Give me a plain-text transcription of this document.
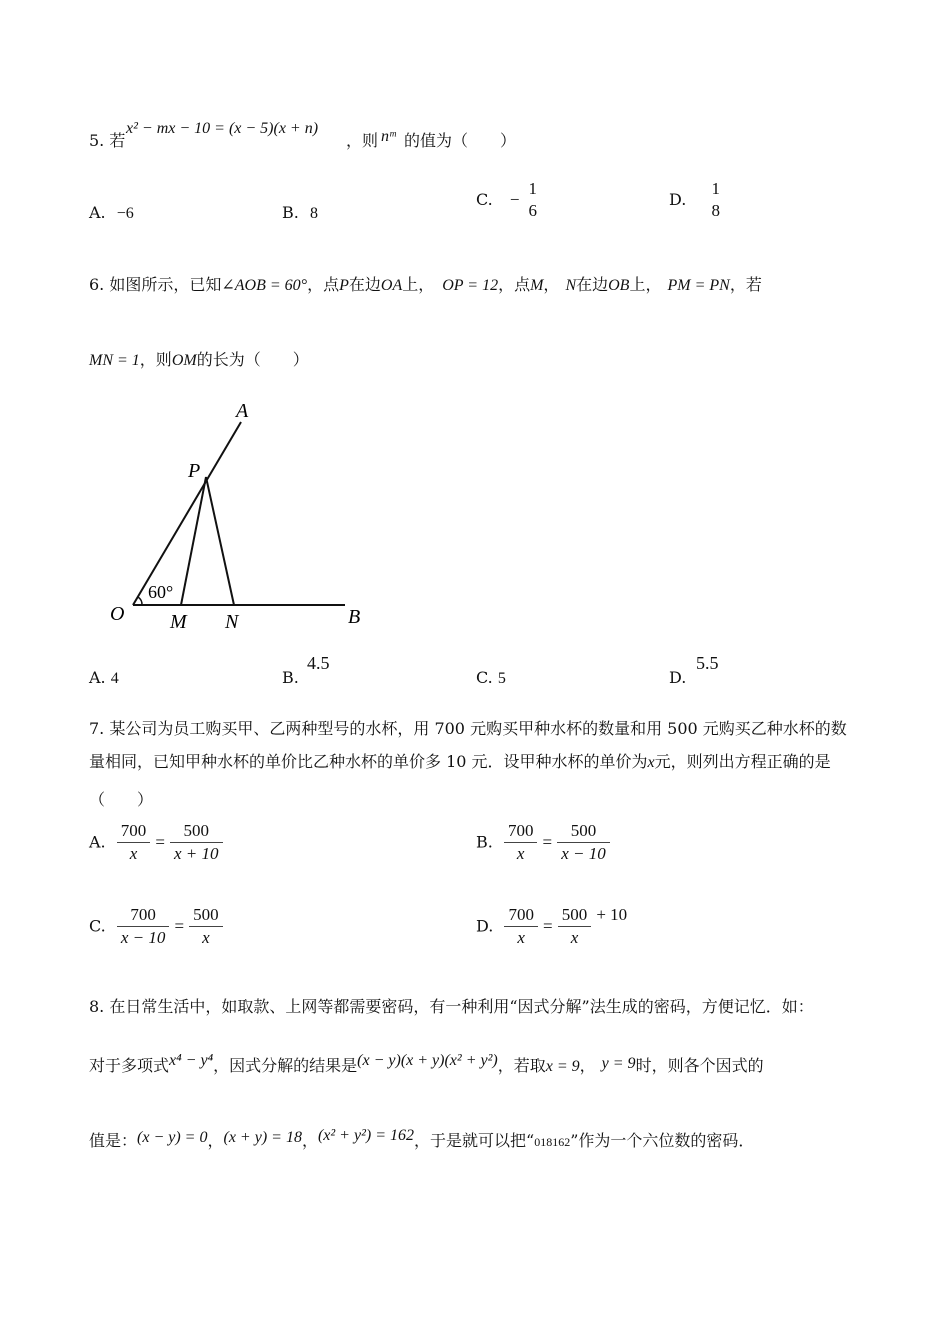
5. 若
x² − mx − 10 = (x − 5)(x + n)
，则 nᵐ 的值为（　　）
A. −6	B. 8
C. −
1
6
D.
1
8
6. 如图所示，已知∠AOB = 60°，点P在边OA上， OP = 12，点M， N在边OB上， PM = PN，若
MN = 1，则OM的长为（　　）
A
P
O M N	B
60°
A. 4	B.
4.5
C. 5	D.
5.5
7. 某公司为员工购买甲、乙两种型号的水杯，用 700 元购买甲种水杯的数量和用 500 元购买乙种水杯的数
量相同，已知甲种水杯的单价比乙种水杯的单价多 10 元．设甲种水杯的单价为x元，则列出方程正确的是
（　　）
A. $\frac{700}{x} = \frac{500}{x + 10}$	B. $\frac{700}{x} = \frac{500}{x - 10}$
C. $\frac{700}{x - 10} = \frac{500}{x}$	D. $\frac{700}{x} = \frac{500}{x} + 10$
8. 在日常生活中，如取款、上网等都需要密码，有一种利用“因式分解”法生成的密码，方便记忆．如：
对于多项式x⁴ − y⁴，因式分解的结果是(x − y)(x + y)(x² + y²)，若取x = 9， y = 9时，则各个因式的
值是：(x − y) = 0，(x + y) = 18，(x² + y²) = 162，于是就可以把“018162”作为一个六位数的密码．
